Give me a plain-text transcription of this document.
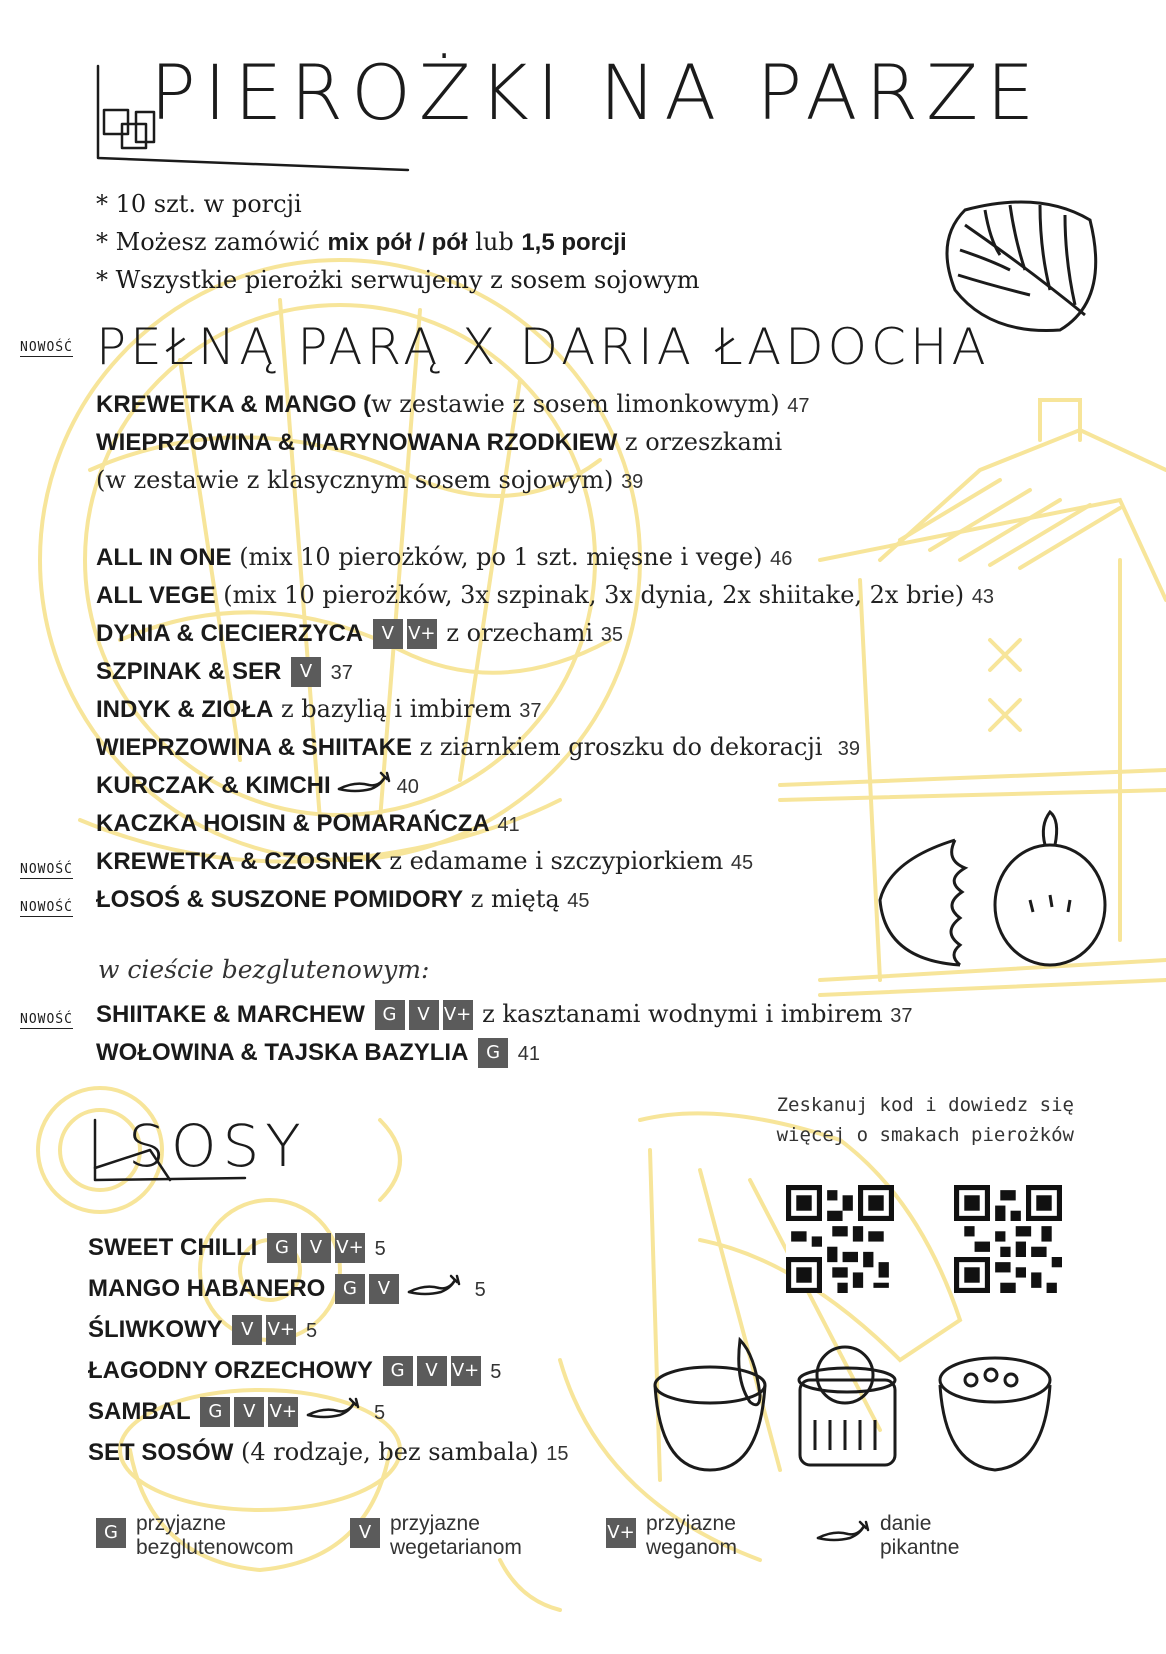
PIEROŻKI NA PARZE
* 10 szt. w porcji
* Możesz zamówić mix pół / pół lub 1,5 porcji
* Wszystkie pierożki serwujemy z sosem sojowym
NOWOŚĆ PEŁNĄ PARĄ X DARIA ŁADOCHA
KREWETKA & MANGO (w zestawie z sosem limonkowym) 47
WIEPRZOWINA & MARYNOWANA RZODKIEW z orzeszkami
(w zestawie z klasycznym sosem sojowym) 39
ALL IN ONE (mix 10 pierożków, po 1 szt. mięsne i vege) 46
ALL VEGE (mix 10 pierożków, 3x szpinak, 3x dynia, 2x shiitake, 2x brie) 43
DYNIA & CIECIERZYCA V V+ z orzechami 35
SZPINAK & SER V 37
INDYK & ZIOŁA z bazylią i imbirem 37
WIEPRZOWINA & SHIITAKE z ziarnkiem groszku do dekoracji 39
KURCZAK & KIMCHI	40
KACZKA HOISIN & POMARAŃCZA 41
NOWOŚĆ KREWETKA & CZOSNEK z edamame i szczypiorkiem 45
NOWOŚĆ ŁOSOŚ & SUSZONE POMIDORY z miętą 45
w cieście bezglutenowym:
NOWOŚĆ SHIITAKE & MARCHEW G V V+ z kasztanami wodnymi i imbirem 37
WOŁOWINA & TAJSKA BAZYLIA G 41
Zeskanuj kod i dowiedz się więcej o smakach pierożków
SOSY
SWEET CHILLI G V V+ 5
MANGO HABANERO G V	5
ŚLIWKOWY V V+ 5
ŁAGODNY ORZECHOWY G V V+ 5
SAMBAL G V V+	5
SET SOSÓW (4 rodzaje, bez sambala) 15
G przyjazne
bezglutenowcom
V przyjazne
wegetarianom
V+ przyjazne
weganom
danie
pikantne
